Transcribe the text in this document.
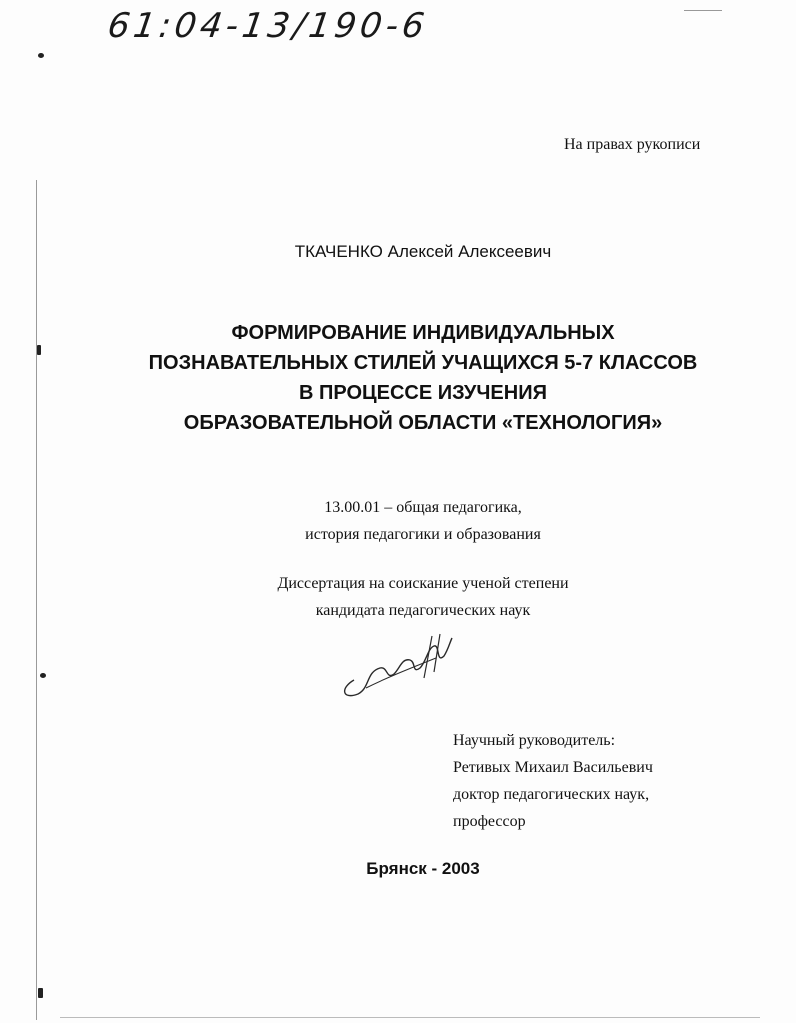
61:04-13/190-6
На правах рукописи
ТКАЧЕНКО Алексей Алексеевич
ФОРМИРОВАНИЕ ИНДИВИДУАЛЬНЫХ
ПОЗНАВАТЕЛЬНЫХ СТИЛЕЙ УЧАЩИХСЯ 5-7 КЛАССОВ
В ПРОЦЕССЕ ИЗУЧЕНИЯ
ОБРАЗОВАТЕЛЬНОЙ ОБЛАСТИ «ТЕХНОЛОГИЯ»
13.00.01 – общая педагогика,
история педагогики и образования
Диссертация на соискание ученой степени
кандидата педагогических наук
Научный руководитель:
Ретивых Михаил Васильевич
доктор педагогических наук,
профессор
Брянск - 2003
